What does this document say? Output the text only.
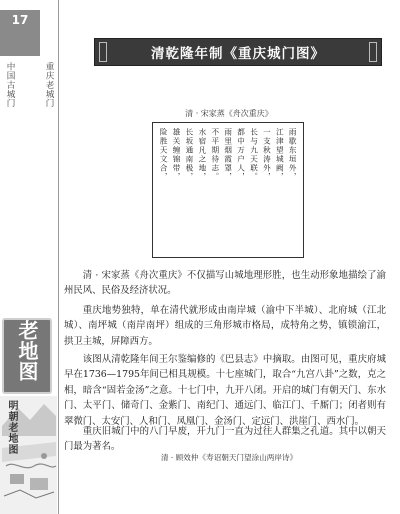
17
重庆老城门
中国古城门
老地图
明朝老地图
清乾隆年制《重庆城门图》
清 · 宋家蒸《舟次重庆》
雨歇东垣外，
江津望城阙，
一支秋涛外，
长与九天联。
都中万户人，
雨里烟霞罩，
不平期待志。
水宿凡之地，
长坂通南极，
雄关缠锦带，
险胜天文合，

清 · 宋家蒸《舟次重庆》不仅描写山城地理形胜，也生动形象地描绘了渝州民风、民俗及经济状况。

重庆地势独特，单在清代就形成由南岸城（渝中下半城）、北府城（江北城）、南坪城（南岸南坪）组成的三角形城市格局，成特角之势，镇锁渝江，拱卫主城，屏障西方。

该图从清乾隆年间王尔鉴编修的《巴县志》中摘取。由图可见，重庆府城早在1736—1795年间已相具规模。十七座城门，取合“九宫八卦”之数，克之相，暗含“固若金汤”之意。十七门中，九开八闭。开启的城门有朝天门、东水门、太平门、储奇门、金紫门、南纪门、通远门、临江门、千厮门；闭者则有翠微门、太安门、人和门、凤凰门、金汤门、定远门、洪崖门、西水门。

重庆旧城门中的八门早废，开九门一直为过往人群集之孔道。其中以朝天门最为著名。

清 · 顾效仲《寿诏朝天门望涂山两岸诗》
